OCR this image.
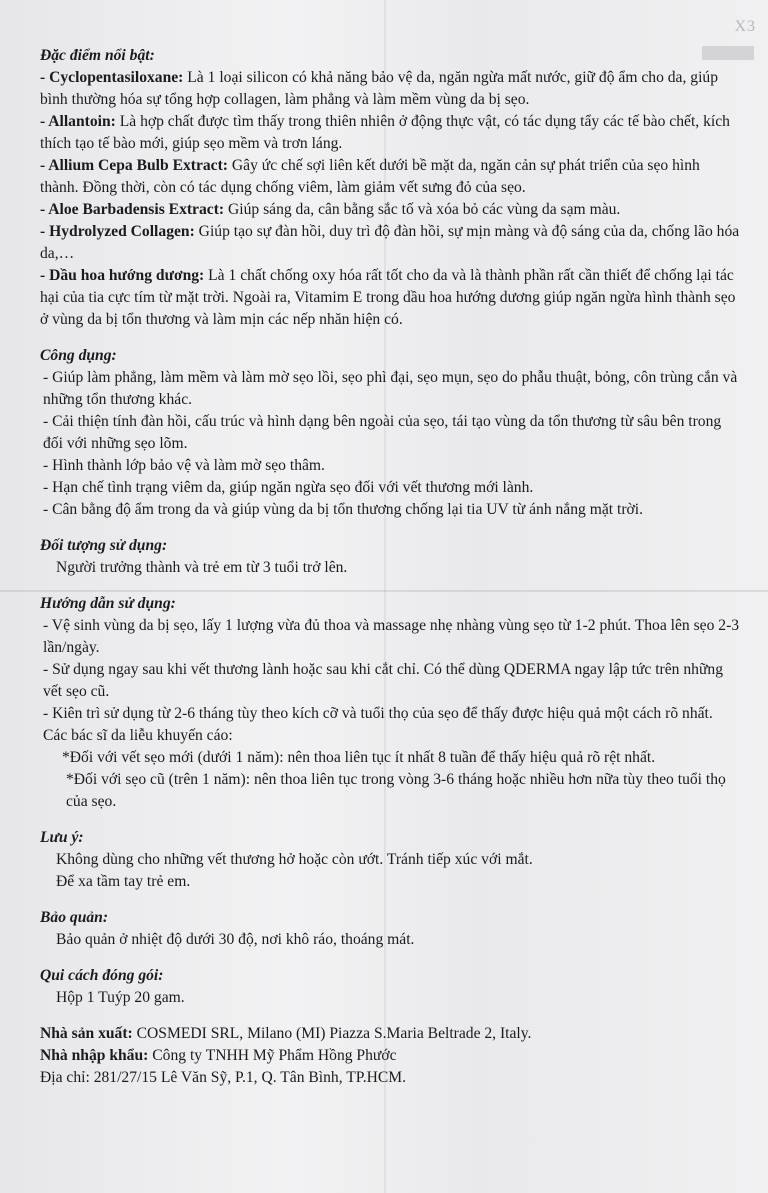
X3

Đặc điểm nổi bật:

- Cyclopentasiloxane: Là 1 loại silicon có khả năng bảo vệ da, ngăn ngừa mất nước, giữ độ ẩm cho da, giúp bình thường hóa sự tổng hợp collagen, làm phẳng và làm mềm vùng da bị sẹo.

- Allantoin: Là hợp chất được tìm thấy trong thiên nhiên ở động thực vật, có tác dụng tẩy các tế bào chết, kích thích tạo tế bào mới, giúp sẹo mềm và trơn láng.

- Allium Cepa Bulb Extract: Gây ức chế sợi liên kết dưới bề mặt da, ngăn cản sự phát triển của sẹo hình thành. Đồng thời, còn có tác dụng chống viêm, làm giảm vết sưng đỏ của sẹo.

- Aloe Barbadensis Extract: Giúp sáng da, cân bằng sắc tố và xóa bỏ các vùng da sạm màu.

- Hydrolyzed Collagen: Giúp tạo sự đàn hồi, duy trì độ đàn hồi, sự mịn màng và độ sáng của da, chống lão hóa da,…

- Dầu hoa hướng dương: Là 1 chất chống oxy hóa rất tốt cho da và là thành phần rất cần thiết để chống lại tác hại của tia cực tím từ mặt trời. Ngoài ra, Vitamim E trong dầu hoa hướng dương giúp ngăn ngừa hình thành sẹo ở vùng da bị tổn thương và làm mịn các nếp nhăn hiện có.

Công dụng:

- Giúp làm phẳng, làm mềm và làm mờ sẹo lồi, sẹo phì đại, sẹo mụn, sẹo do phẫu thuật, bỏng, côn trùng cắn và những tổn thương khác.

- Cải thiện tính đàn hồi, cấu trúc và hình dạng bên ngoài của sẹo, tái tạo vùng da tổn thương từ sâu bên trong đối với những sẹo lõm.

- Hình thành lớp bảo vệ và làm mờ sẹo thâm.

- Hạn chế tình trạng viêm da, giúp ngăn ngừa sẹo đối với vết thương mới lành.

- Cân bằng độ ẩm trong da và giúp vùng da bị tổn thương chống lại tia UV từ ánh nắng mặt trời.

Đối tượng sử dụng:

Người trưởng thành và trẻ em từ 3 tuổi trở lên.

Hướng dẫn sử dụng:

- Vệ sinh vùng da bị sẹo, lấy 1 lượng vừa đủ thoa và massage nhẹ nhàng vùng sẹo từ 1-2 phút. Thoa lên sẹo 2-3 lần/ngày.

- Sử dụng ngay sau khi vết thương lành hoặc sau khi cắt chỉ. Có thể dùng QDERMA ngay lập tức trên những vết sẹo cũ.

- Kiên trì sử dụng từ 2-6 tháng tùy theo kích cỡ và tuổi thọ của sẹo để thấy được hiệu quả một cách rõ nhất. Các bác sĩ da liễu khuyến cáo:

*Đối với vết sẹo mới (dưới 1 năm): nên thoa liên tục ít nhất 8 tuần để thấy hiệu quả rõ rệt nhất.

*Đối với sẹo cũ (trên 1 năm): nên thoa liên tục trong vòng 3-6 tháng hoặc nhiều hơn nữa tùy theo tuổi thọ của sẹo.

Lưu ý:

Không dùng cho những vết thương hở hoặc còn ướt. Tránh tiếp xúc với mắt.

Để xa tầm tay trẻ em.

Bảo quản:

Bảo quản ở nhiệt độ dưới 30 độ, nơi khô ráo, thoáng mát.

Qui cách đóng gói:

Hộp 1 Tuýp 20 gam.

Nhà sản xuất: COSMEDI SRL, Milano (MI) Piazza S.Maria Beltrade 2, Italy.

Nhà nhập khẩu: Công ty TNHH Mỹ Phẩm Hồng Phước

Địa chỉ: 281/27/15 Lê Văn Sỹ, P.1, Q. Tân Bình, TP.HCM.
